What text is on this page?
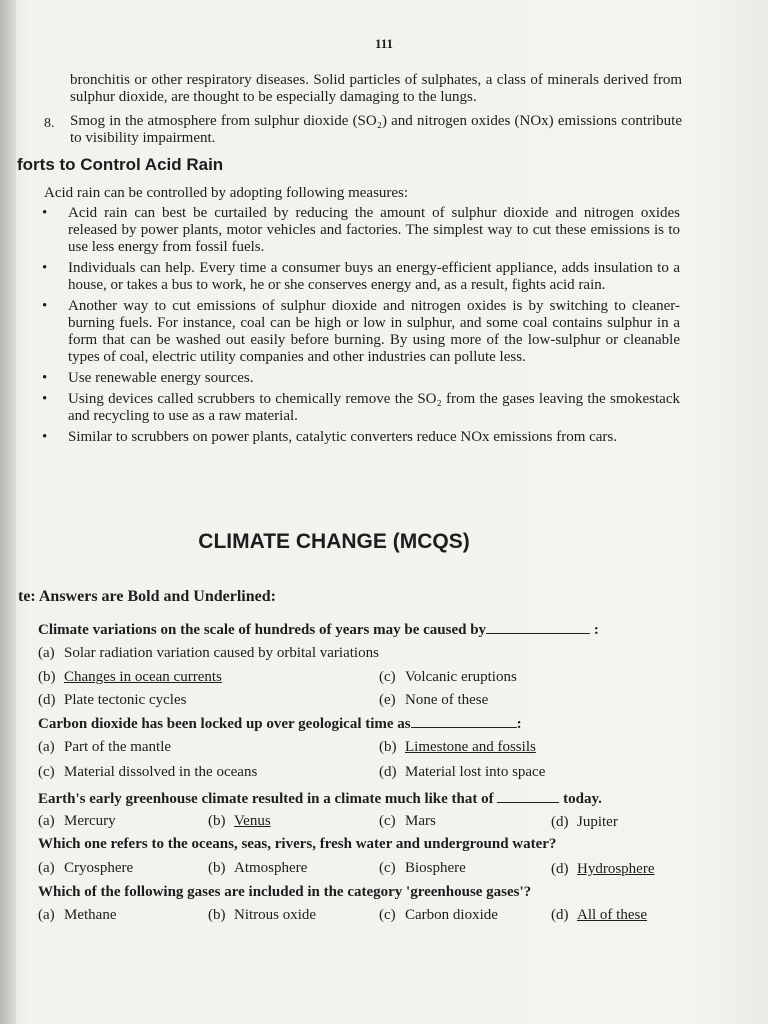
111
bronchitis or other respiratory diseases. Solid particles of sulphates, a class of minerals derived from sulphur dioxide, are thought to be especially damaging to the lungs.
8. Smog in the atmosphere from sulphur dioxide (SO₂) and nitrogen oxides (NOx) emissions contribute to visibility impairment.
forts to Control Acid Rain
Acid rain can be controlled by adopting following measures:
• Acid rain can best be curtailed by reducing the amount of sulphur dioxide and nitrogen oxides released by power plants, motor vehicles and factories. The simplest way to cut these emissions is to use less energy from fossil fuels.
• Individuals can help. Every time a consumer buys an energy-efficient appliance, adds insulation to a house, or takes a bus to work, he or she conserves energy and, as a result, fights acid rain.
• Another way to cut emissions of sulphur dioxide and nitrogen oxides is by switching to cleaner-burning fuels. For instance, coal can be high or low in sulphur, and some coal contains sulphur in a form that can be washed out easily before burning. By using more of the low-sulphur or cleanable types of coal, electric utility companies and other industries can pollute less.
• Use renewable energy sources.
• Using devices called scrubbers to chemically remove the SO₂ from the gases leaving the smokestack and recycling to use as a raw material.
• Similar to scrubbers on power plants, catalytic converters reduce NOx emissions from cars.
CLIMATE CHANGE (MCQS)
te: Answers are Bold and Underlined:
Climate variations on the scale of hundreds of years may be caused by	:
(a) Solar radiation variation caused by orbital variations
(b) Changes in ocean currents	(c) Volcanic eruptions
(d) Plate tectonic cycles	(e) None of these
Carbon dioxide has been locked up over geological time as	:
(a) Part of the mantle	(b) Limestone and fossils
(c) Material dissolved in the oceans	(d) Material lost into space
Earth's early greenhouse climate resulted in a climate much like that of	today.
(a) Mercury	(b) Venus	(c) Mars	(d) Jupiter
Which one refers to the oceans, seas, rivers, fresh water and underground water?
(a) Cryosphere	(b) Atmosphere	(c) Biosphere	(d) Hydrosphere
Which of the following gases are included in the category 'greenhouse gases'?
(a) Methane	(b) Nitrous oxide	(c) Carbon dioxide	(d) All of these
